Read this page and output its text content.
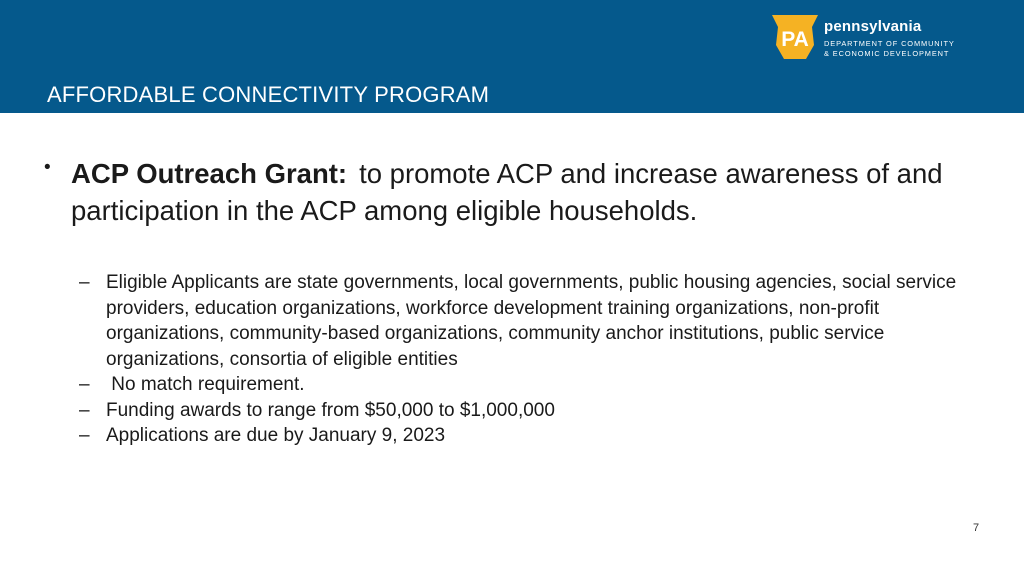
PA
pennsylvania
DEPARTMENT OF COMMUNITY
& ECONOMIC DEVELOPMENT
AFFORDABLE CONNECTIVITY PROGRAM
• ACP Outreach Grant: to promote ACP and increase awareness of and participation in the ACP among eligible households.
– Eligible Applicants are state governments, local governments, public housing agencies, social service providers, education organizations, workforce development training organizations, non-profit organizations, community-based organizations, community anchor institutions, public service organizations, consortia of eligible entities
– No match requirement.
– Funding awards to range from $50,000 to $1,000,000
– Applications are due by January 9, 2023
7
